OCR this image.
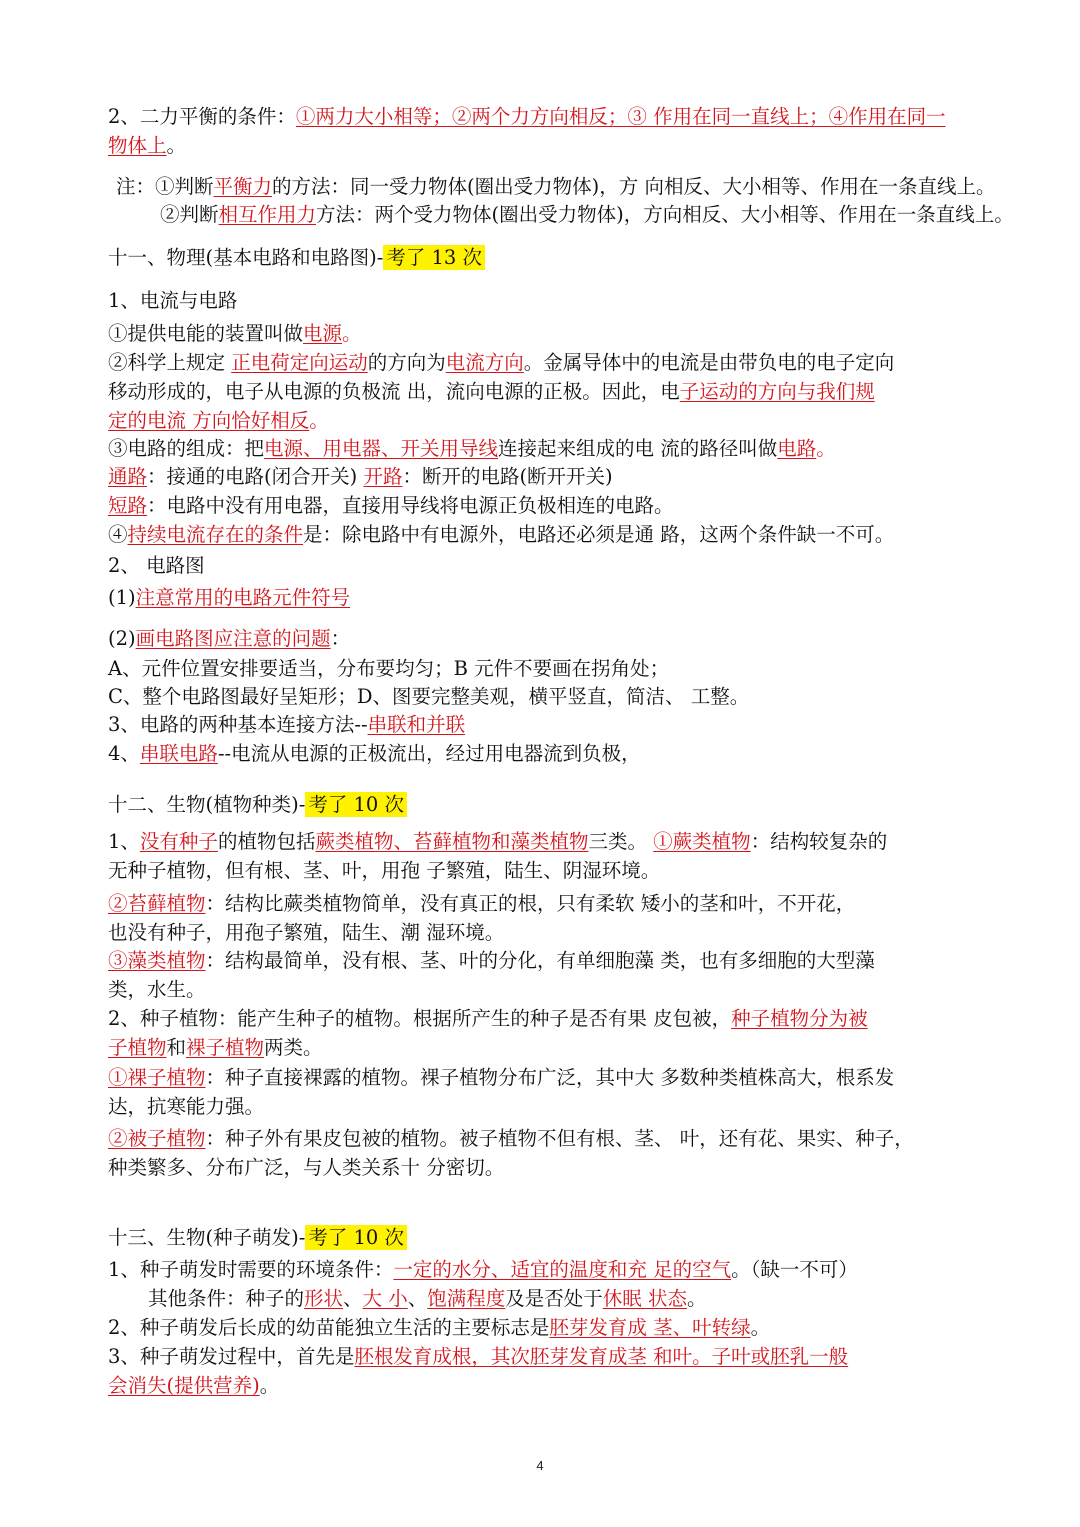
2、二力平衡的条件：①两力大小相等；②两个力方向相反；③ 作用在同一直线上；④作用在同一
物体上。
注：①判断平衡力的方法：同一受力物体(圈出受力物体)，方 向相反、大小相等、作用在一条直线上。
②判断相互作用力方法：两个受力物体(圈出受力物体)，方向相反、大小相等、作用在一条直线上。
十一、物理(基本电路和电路图)- 考了 13 次
1、电流与电路
①提供电能的装置叫做电源。
②科学上规定 正电荷定向运动的方向为电流方向。金属导体中的电流是由带负电的电子定向
移动形成的，电子从电源的负极流 出，流向电源的正极。因此，电子运动的方向与我们规
定的电流 方向恰好相反。
③电路的组成：把电源、用电器、开关用导线连接起来组成的电 流的路径叫做电路。
通路：接通的电路(闭合开关) 开路：断开的电路(断开开关)
短路：电路中没有用电器，直接用导线将电源正负极相连的电路。
④持续电流存在的条件是：除电路中有电源外，电路还必须是通 路，这两个条件缺一不可。
2、 电路图
(1)注意常用的电路元件符号
(2)画电路图应注意的问题：
A、元件位置安排要适当，分布要均匀；B 元件不要画在拐角处；
C、整个电路图最好呈矩形；D、图要完整美观，横平竖直，简洁、 工整。
3、电路的两种基本连接方法--串联和并联
4、串联电路--电流从电源的正极流出，经过用电器流到负极，
十二、生物(植物种类)- 考了 10 次
1、没有种子的植物包括蕨类植物、苔藓植物和藻类植物三类。 ①蕨类植物：结构较复杂的
无种子植物，但有根、茎、叶，用孢 子繁殖，陆生、阴湿环境。
②苔藓植物：结构比蕨类植物简单，没有真正的根，只有柔软 矮小的茎和叶，不开花，
也没有种子，用孢子繁殖，陆生、潮 湿环境。
③藻类植物：结构最简单，没有根、茎、叶的分化，有单细胞藻 类，也有多细胞的大型藻
类，水生。
2、种子植物：能产生种子的植物。根据所产生的种子是否有果 皮包被，种子植物分为被
子植物和裸子植物两类。
①裸子植物：种子直接裸露的植物。裸子植物分布广泛，其中大 多数种类植株高大，根系发
达，抗寒能力强。
②被子植物：种子外有果皮包被的植物。被子植物不但有根、茎、 叶，还有花、果实、种子，
种类繁多、分布广泛，与人类关系十 分密切。
十三、生物(种子萌发)- 考了 10 次
1、种子萌发时需要的环境条件：一定的水分、适宜的温度和充 足的空气。（缺一不可）
其他条件：种子的形状、大 小、饱满程度及是否处于休眠 状态。
2、种子萌发后长成的幼苗能独立生活的主要标志是胚芽发育成 茎、叶转绿。
3、种子萌发过程中，首先是胚根发育成根，其次胚芽发育成茎 和叶。子叶或胚乳一般
会消失(提供营养)。
4
